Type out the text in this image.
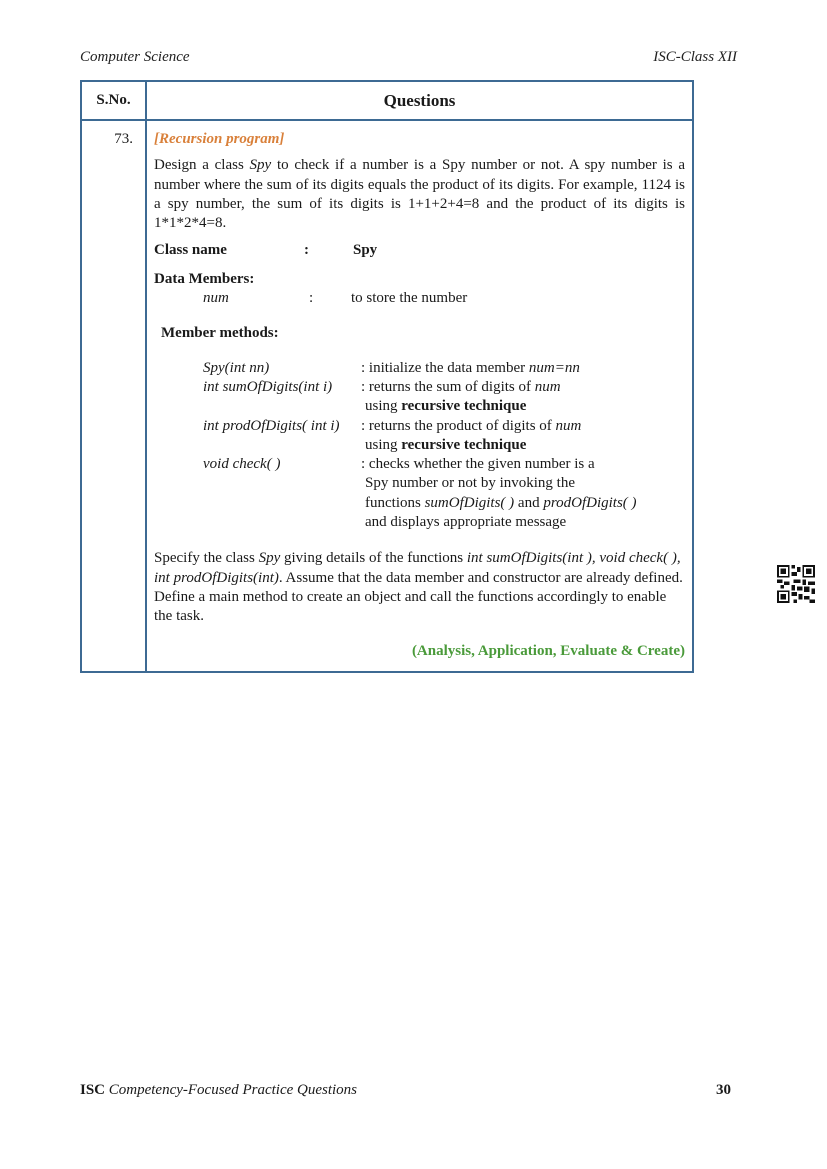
Computer Science	ISC-Class XII
S.No.	Questions
73.	[Recursion program]

Design a class Spy to check if a number is a Spy number or not. A spy number is a number where the sum of its digits equals the product of its digits. For example, 1124 is a spy number, the sum of its digits is 1+1+2+4=8 and the product of its digits is 1*1*2*4=8.

Class name	:	Spy
Data Members:
num	:	to store the number
Member methods:
Spy(int nn)	: initialize the data member num=nn
int sumOfDigits(int i)	: returns the sum of digits of num
using recursive technique
int prodOfDigits( int i)	: returns the product of digits of num
using recursive technique
void check( )	: checks whether the given number is a
Spy number or not by invoking the
functions sumOfDigits( ) and prodOfDigits( )
and displays appropriate message

Specify the class Spy giving details of the functions int sumOfDigits(int ), void check( ), int prodOfDigits(int). Assume that the data member and constructor are already defined. Define a main method to create an object and call the functions accordingly to enable the task.

(Analysis, Application, Evaluate & Create)
ISC Competency-Focused Practice Questions	30
